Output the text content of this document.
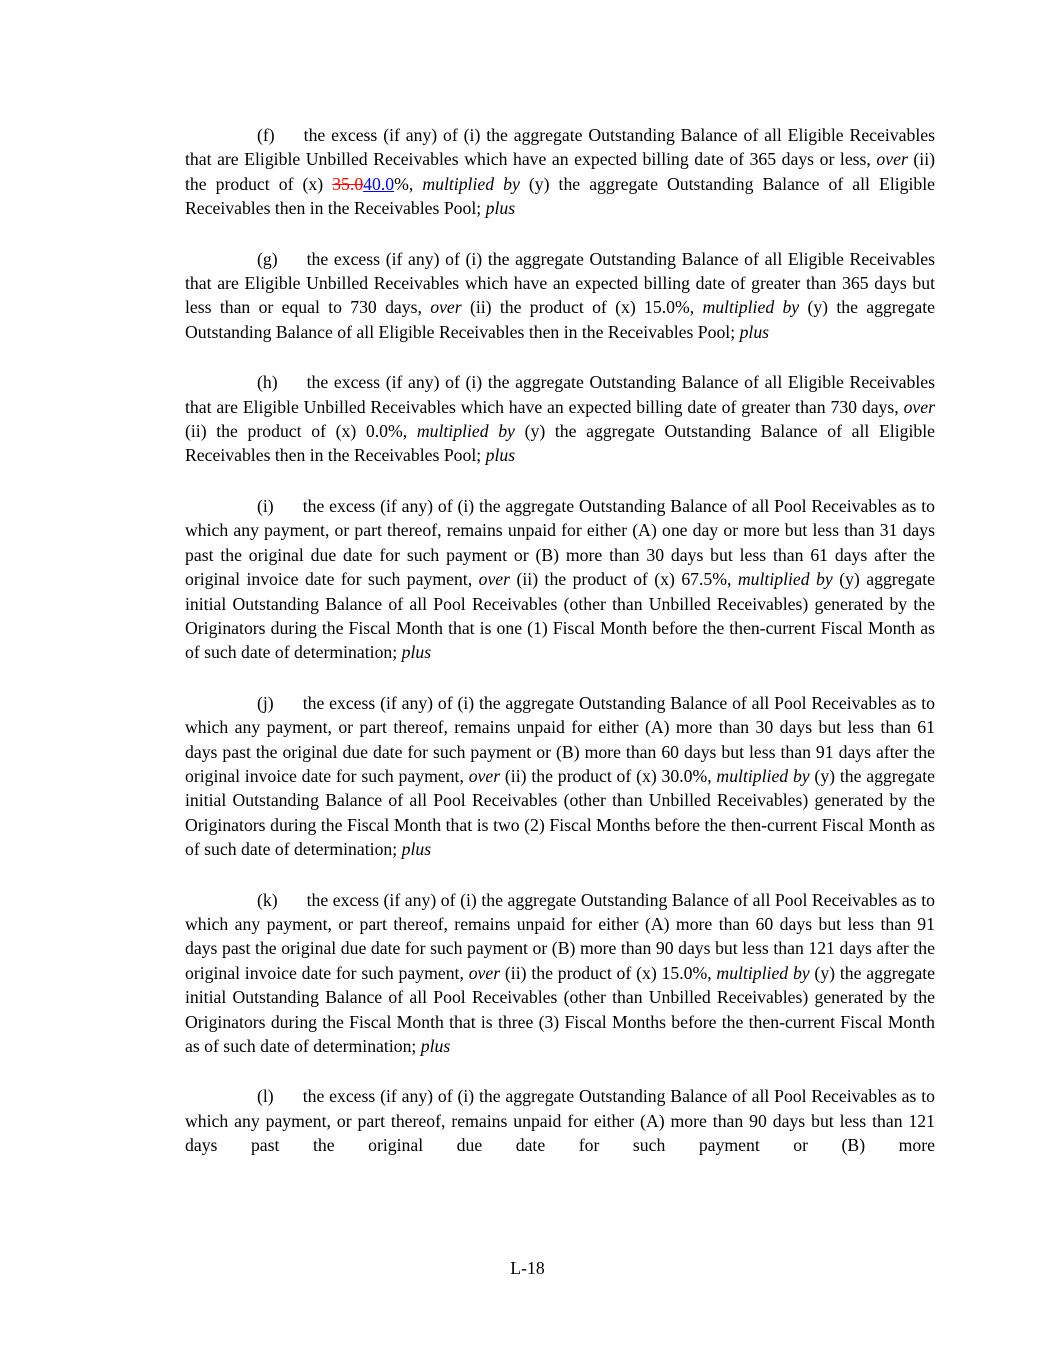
(f) the excess (if any) of (i) the aggregate Outstanding Balance of all Eligible Receivables that are Eligible Unbilled Receivables which have an expected billing date of 365 days or less, over (ii) the product of (x) 35.040.0%, multiplied by (y) the aggregate Outstanding Balance of all Eligible Receivables then in the Receivables Pool; plus

(g) the excess (if any) of (i) the aggregate Outstanding Balance of all Eligible Receivables that are Eligible Unbilled Receivables which have an expected billing date of greater than 365 days but less than or equal to 730 days, over (ii) the product of (x) 15.0%, multiplied by (y) the aggregate Outstanding Balance of all Eligible Receivables then in the Receivables Pool; plus

(h) the excess (if any) of (i) the aggregate Outstanding Balance of all Eligible Receivables that are Eligible Unbilled Receivables which have an expected billing date of greater than 730 days, over (ii) the product of (x) 0.0%, multiplied by (y) the aggregate Outstanding Balance of all Eligible Receivables then in the Receivables Pool; plus

(i) the excess (if any) of (i) the aggregate Outstanding Balance of all Pool Receivables as to which any payment, or part thereof, remains unpaid for either (A) one day or more but less than 31 days past the original due date for such payment or (B) more than 30 days but less than 61 days after the original invoice date for such payment, over (ii) the product of (x) 67.5%, multiplied by (y) aggregate initial Outstanding Balance of all Pool Receivables (other than Unbilled Receivables) generated by the Originators during the Fiscal Month that is one (1) Fiscal Month before the then-current Fiscal Month as of such date of determination; plus

(j) the excess (if any) of (i) the aggregate Outstanding Balance of all Pool Receivables as to which any payment, or part thereof, remains unpaid for either (A) more than 30 days but less than 61 days past the original due date for such payment or (B) more than 60 days but less than 91 days after the original invoice date for such payment, over (ii) the product of (x) 30.0%, multiplied by (y) the aggregate initial Outstanding Balance of all Pool Receivables (other than Unbilled Receivables) generated by the Originators during the Fiscal Month that is two (2) Fiscal Months before the then-current Fiscal Month as of such date of determination; plus

(k) the excess (if any) of (i) the aggregate Outstanding Balance of all Pool Receivables as to which any payment, or part thereof, remains unpaid for either (A) more than 60 days but less than 91 days past the original due date for such payment or (B) more than 90 days but less than 121 days after the original invoice date for such payment, over (ii) the product of (x) 15.0%, multiplied by (y) the aggregate initial Outstanding Balance of all Pool Receivables (other than Unbilled Receivables) generated by the Originators during the Fiscal Month that is three (3) Fiscal Months before the then-current Fiscal Month as of such date of determination; plus

(l) the excess (if any) of (i) the aggregate Outstanding Balance of all Pool Receivables as to which any payment, or part thereof, remains unpaid for either (A) more than 90 days but less than 121 days past the original due date for such payment or (B) more

L-18
